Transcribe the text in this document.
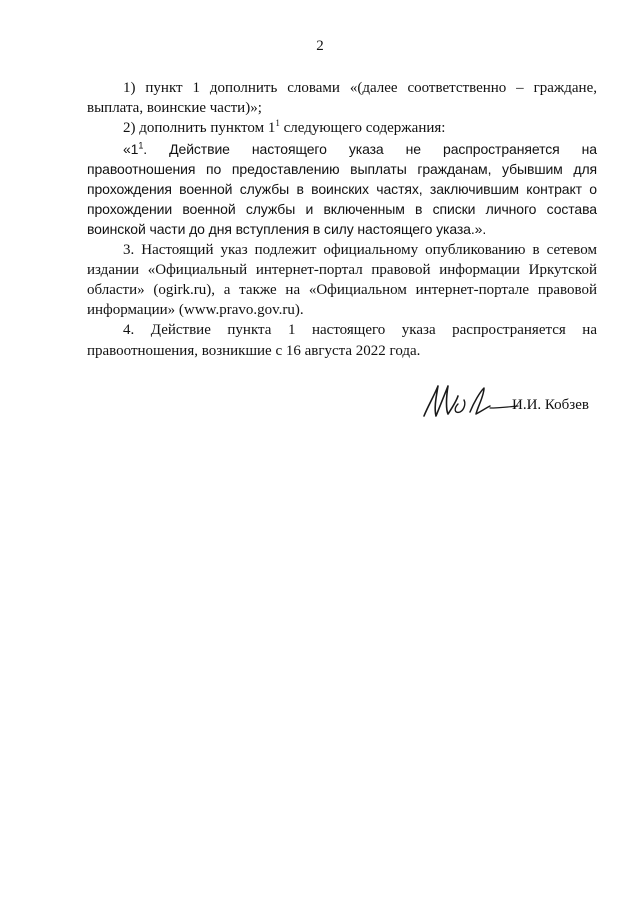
2

1) пункт 1 дополнить словами «(далее соответственно – граждане, выплата, воинские части)»;

2) дополнить пунктом $1^1$ следующего содержания:

«$1^1$. Действие настоящего указа не распространяется на правоотношения по предоставлению выплаты гражданам, убывшим для прохождения военной службы в воинских частях, заключившим контракт о прохождении военной службы и включенным в списки личного состава воинской части до дня вступления в силу настоящего указа.».

3. Настоящий указ подлежит официальному опубликованию в сетевом издании «Официальный интернет-портал правовой информации Иркутской области» (ogirk.ru), а также на «Официальном интернет-портале правовой информации» (www.pravo.gov.ru).

4. Действие пункта 1 настоящего указа распространяется на правоотношения, возникшие с 16 августа 2022 года.

И.И. Кобзев
